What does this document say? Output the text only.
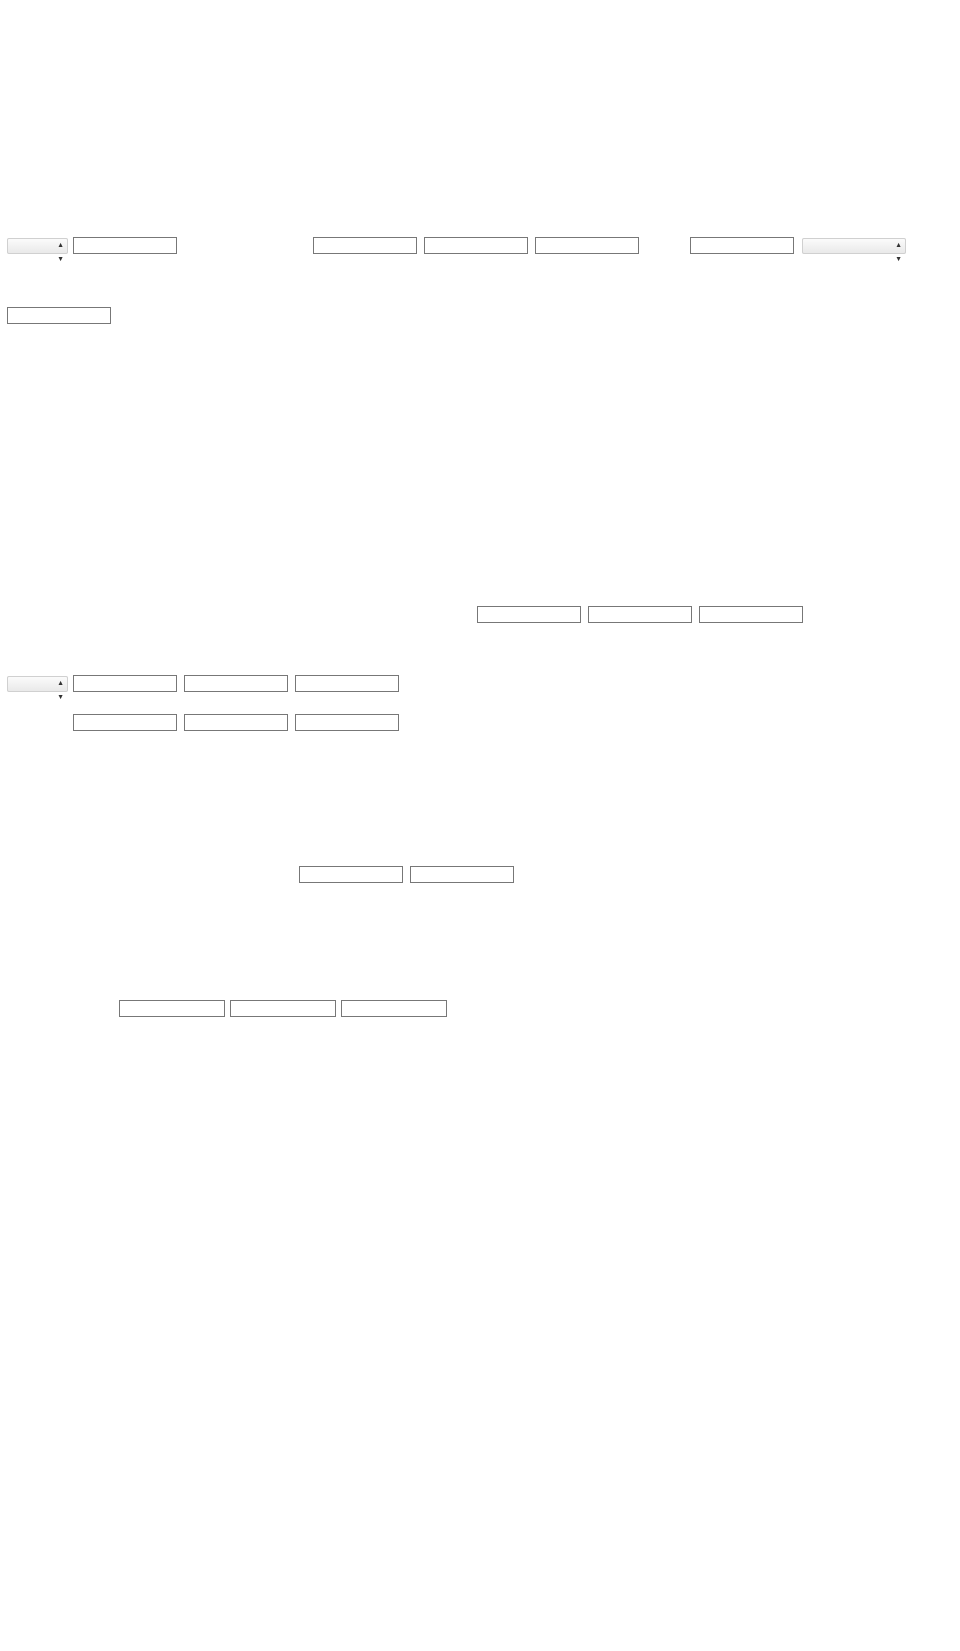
▲
▼
▲
▼
▲
▼
